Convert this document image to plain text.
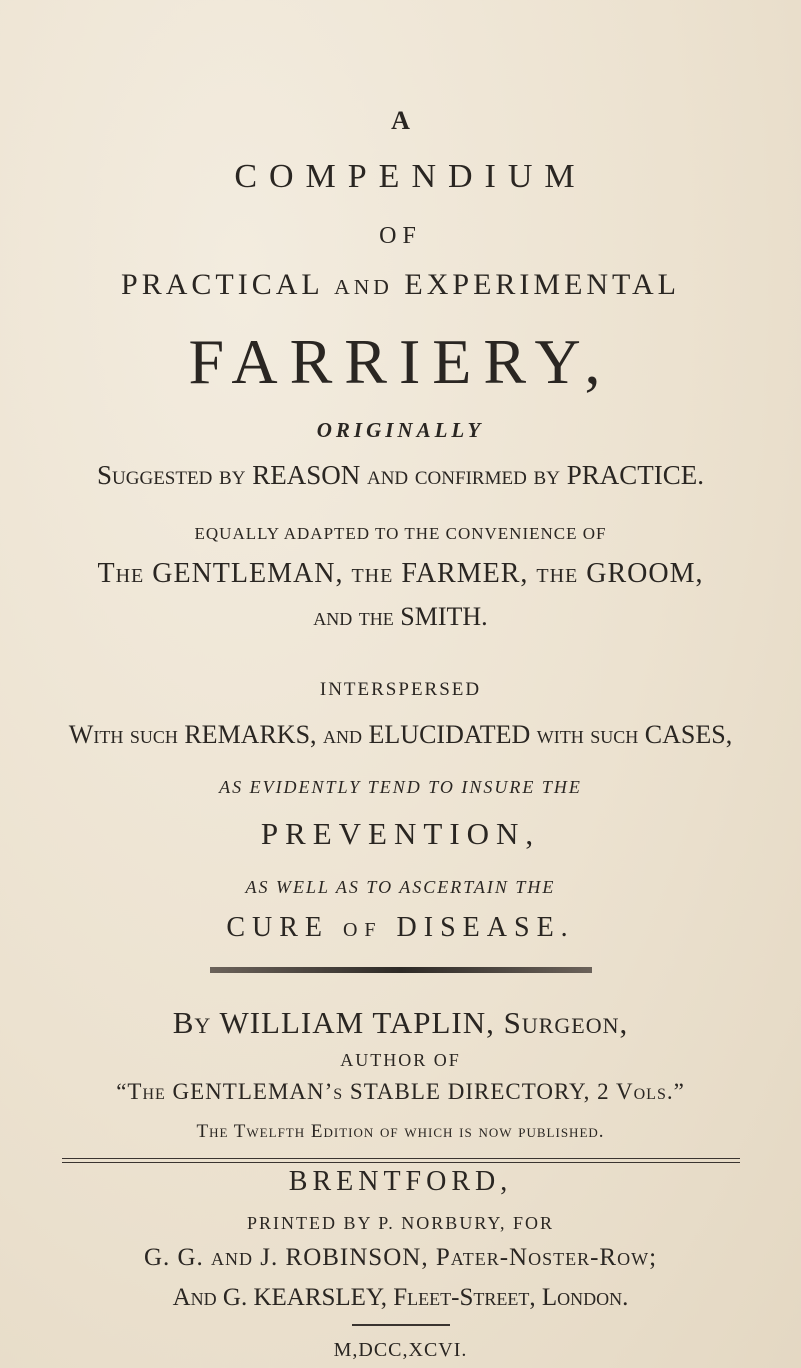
A
COMPENDIUM
OF
PRACTICAL AND EXPERIMENTAL
FARRIERY,
ORIGINALLY
Suggested by REASON and confirmed by PRACTICE.
EQUALLY ADAPTED TO THE CONVENIENCE OF
The GENTLEMAN, the FARMER, the GROOM,
and the SMITH.
INTERSPERSED
With such REMARKS, and ELUCIDATED with such CASES,
AS EVIDENTLY TEND TO INSURE THE
PREVENTION,
AS WELL AS TO ASCERTAIN THE
CURE of DISEASE.
By WILLIAM TAPLIN, Surgeon,
AUTHOR OF
“The GENTLEMAN’s STABLE DIRECTORY, 2 Vols.”
The Twelfth Edition of which is now published.
BRENTFORD,
PRINTED BY P. NORBURY, FOR
G. G. and J. ROBINSON, Pater-Noster-Row;
And G. KEARSLEY, Fleet-Street, London.
M,DCC,XCVI.
